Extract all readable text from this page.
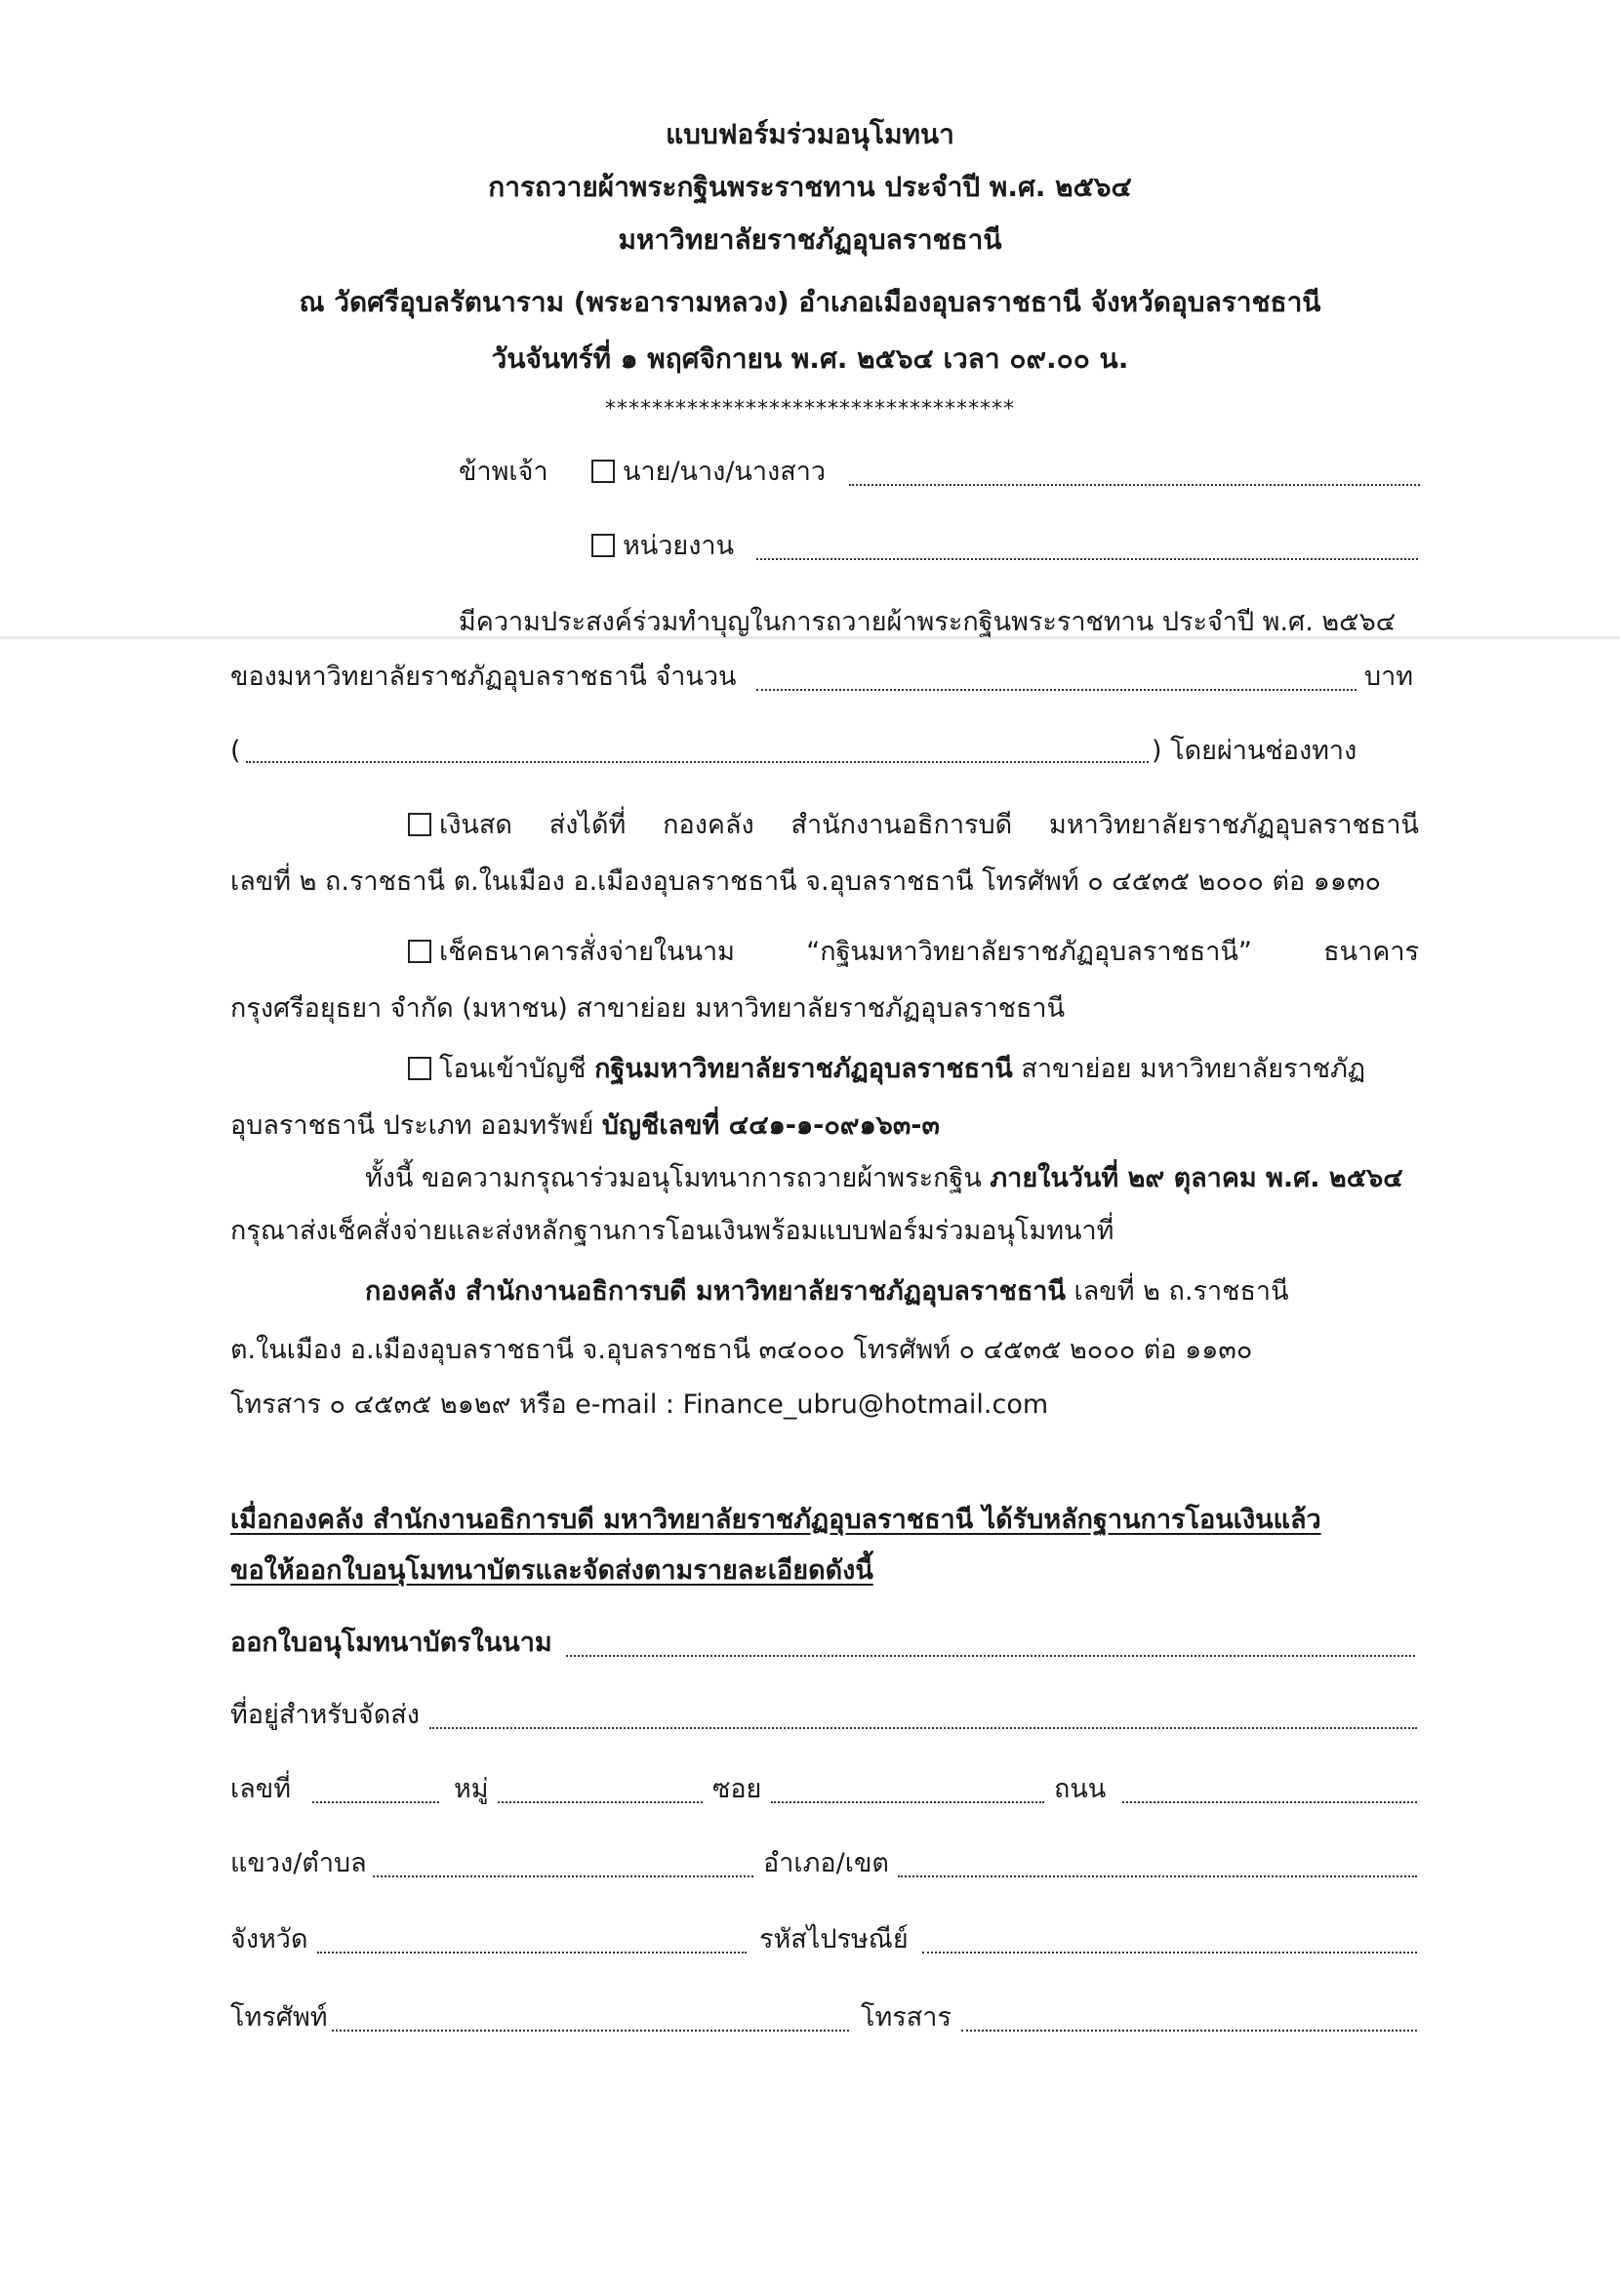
แบบฟอร์มร่วมอนุโมทนา
การถวายผ้าพระกฐินพระราชทาน ประจำปี พ.ศ. ๒๕๖๔
มหาวิทยาลัยราชภัฏอุบลราชธานี
ณ วัดศรีอุบลรัตนาราม (พระอารามหลวง) อำเภอเมืองอุบลราชธานี จังหวัดอุบลราชธานี
วันจันทร์ที่ ๑ พฤศจิกายน พ.ศ. ๒๕๖๔ เวลา ๐๙.๐๐ น.
***********************************
ข้าพเจ้า	นาย/นาง/นางสาว
หน่วยงาน
มีความประสงค์ร่วมทำบุญในการถวายผ้าพระกฐินพระราชทาน ประจำปี พ.ศ. ๒๕๖๔
ของมหาวิทยาลัยราชภัฏอุบลราชธานี จำนวน	บาท
(	) โดยผ่านช่องทาง
เงินสด ส่งได้ที่ กองคลัง สำนักงานอธิการบดี มหาวิทยาลัยราชภัฏอุบลราชธานี
เลขที่ ๒ ถ.ราชธานี ต.ในเมือง อ.เมืองอุบลราชธานี จ.อุบลราชธานี โทรศัพท์ ๐ ๔๕๓๕ ๒๐๐๐ ต่อ ๑๑๓๐
เช็คธนาคารสั่งจ่ายในนาม “กฐินมหาวิทยาลัยราชภัฏอุบลราชธานี” ธนาคาร
กรุงศรีอยุธยา จำกัด (มหาชน) สาขาย่อย มหาวิทยาลัยราชภัฏอุบลราชธานี
โอนเข้าบัญชี กฐินมหาวิทยาลัยราชภัฏอุบลราชธานี สาขาย่อย มหาวิทยาลัยราชภัฏ
อุบลราชธานี ประเภท ออมทรัพย์ บัญชีเลขที่ ๔๔๑-๑-๐๙๑๖๓-๓
ทั้งนี้ ขอความกรุณาร่วมอนุโมทนาการถวายผ้าพระกฐิน ภายในวันที่ ๒๙ ตุลาคม พ.ศ. ๒๕๖๔
กรุณาส่งเช็คสั่งจ่ายและส่งหลักฐานการโอนเงินพร้อมแบบฟอร์มร่วมอนุโมทนาที่
กองคลัง สำนักงานอธิการบดี มหาวิทยาลัยราชภัฏอุบลราชธานี เลขที่ ๒ ถ.ราชธานี
ต.ในเมือง อ.เมืองอุบลราชธานี จ.อุบลราชธานี ๓๔๐๐๐ โทรศัพท์ ๐ ๔๕๓๕ ๒๐๐๐ ต่อ ๑๑๓๐
โทรสาร ๐ ๔๕๓๕ ๒๑๒๙ หรือ e-mail : Finance_ubru@hotmail.com
เมื่อกองคลัง สำนักงานอธิการบดี มหาวิทยาลัยราชภัฏอุบลราชธานี ได้รับหลักฐานการโอนเงินแล้ว
ขอให้ออกใบอนุโมทนาบัตรและจัดส่งตามรายละเอียดดังนี้
ออกใบอนุโมทนาบัตรในนาม
ที่อยู่สำหรับจัดส่ง
เลขที่	หมู่	ซอย	ถนน
แขวง/ตำบล	อำเภอ/เขต
จังหวัด	รหัสไปรษณีย์
โทรศัพท์	โทรสาร
